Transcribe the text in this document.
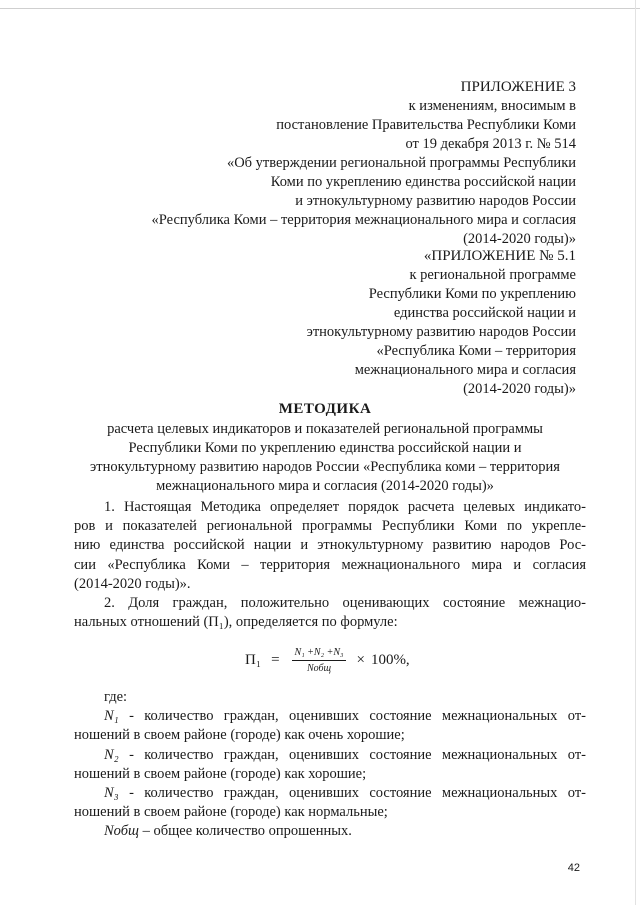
ПРИЛОЖЕНИЕ 3
к изменениям, вносимым в
постановление Правительства Республики Коми
от 19 декабря 2013 г. № 514
«Об утверждении региональной программы Республики
Коми по укреплению единства российской нации
и этнокультурному развитию народов России
«Республика Коми – территория межнационального мира и согласия
(2014-2020 годы)»
«ПРИЛОЖЕНИЕ № 5.1
к региональной программе
Республики Коми по укреплению
единства российской нации и
этнокультурному развитию народов России
«Республика Коми – территория
межнационального мира и согласия
(2014-2020 годы)»
МЕТОДИКА
расчета целевых индикаторов и показателей региональной программы
Республики Коми по укреплению единства российской нации и
этнокультурному развитию народов России «Республика коми – территория
межнационального мира и согласия (2014-2020 годы)»
1. Настоящая Методика определяет порядок расчета целевых индикато-
ров и показателей региональной программы Республики Коми по укрепле-
нию единства российской нации и этнокультурному развитию народов Рос-
сии «Республика Коми – территория межнационального мира и согласия
(2014-2020 годы)».
2. Доля граждан, положительно оценивающих состояние межнацио-
нальных отношений (П₁), определяется по формуле:
$П_1 = \frac{\text{N₁ +N₂ +N₃}}{\text{Nобщ}} \times 100\%$,
где:
N₁ - количество граждан, оценивших состояние межнациональных от-
ношений в своем районе (городе) как очень хорошие;
N₂ - количество граждан, оценивших состояние межнациональных от-
ношений в своем районе (городе) как хорошие;
N₃ - количество граждан, оценивших состояние межнациональных от-
ношений в своем районе (городе) как нормальные;
Nобщ – общее количество опрошенных.
42
